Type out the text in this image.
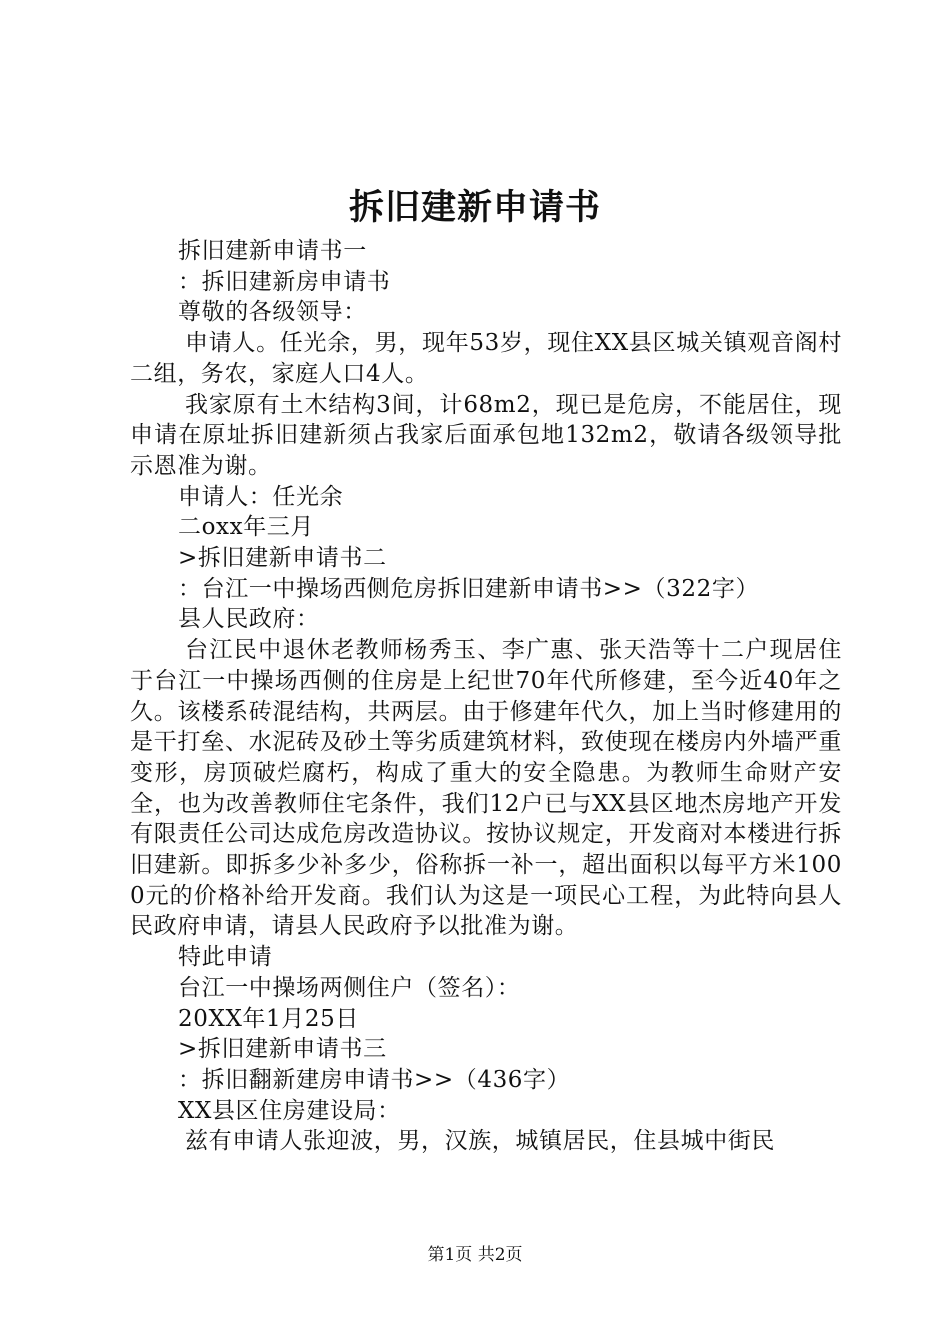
拆旧建新申请书

拆旧建新申请书一

：拆旧建新房申请书

尊敬的各级领导：

申请人。任光余，男，现年53岁，现住XX县区城关镇观音阁村二组，务农，家庭人口4人。

我家原有土木结构3间，计68m2，现已是危房，不能居住，现申请在原址拆旧建新须占我家后面承包地132m2，敬请各级领导批示恩准为谢。

申请人：任光余

二oxx年三月

>拆旧建新申请书二

：台江一中操场西侧危房拆旧建新申请书>>（322字）

县人民政府：

台江民中退休老教师杨秀玉、李广惠、张天浩等十二户现居住于台江一中操场西侧的住房是上纪世70年代所修建，至今近40年之久。该楼系砖混结构，共两层。由于修建年代久，加上当时修建用的是干打垒、水泥砖及砂土等劣质建筑材料，致使现在楼房内外墙严重变形，房顶破烂腐朽，构成了重大的安全隐患。为教师生命财产安全，也为改善教师住宅条件，我们12户已与XX县区地杰房地产开发有限责任公司达成危房改造协议。按协议规定，开发商对本楼进行拆旧建新。即拆多少补多少，俗称拆一补一，超出面积以每平方米1000元的价格补给开发商。我们认为这是一项民心工程，为此特向县人民政府申请，请县人民政府予以批准为谢。

特此申请

台江一中操场两侧住户（签名）：

20XX年1月25日

>拆旧建新申请书三

：拆旧翻新建房申请书>>（436字）

XX县区住房建设局：

兹有申请人张迎波，男，汉族，城镇居民，住县城中街民

第1页 共2页
